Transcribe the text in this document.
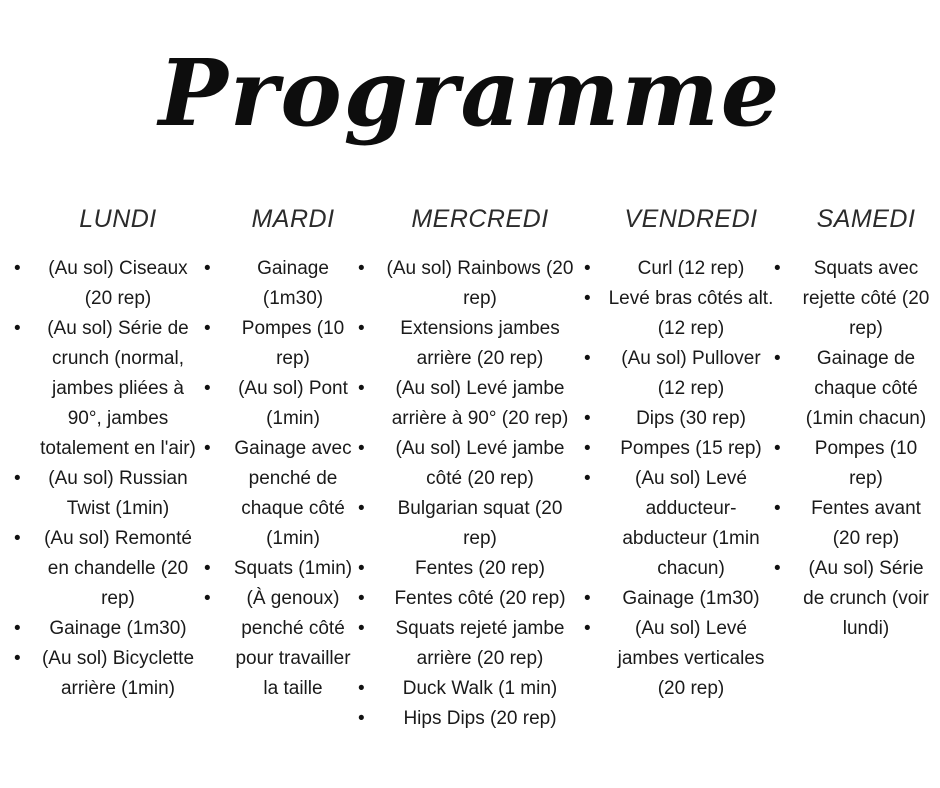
Programme
LUNDI
• (Au sol) Ciseaux (20 rep)
• (Au sol) Série de crunch (normal, jambes pliées à 90°, jambes totalement en l'air)
• (Au sol) Russian Twist (1min)
• (Au sol) Remonté en chandelle (20 rep)
• Gainage (1m30)
• (Au sol) Bicyclette arrière (1min)
MARDI
• Gainage (1m30)
• Pompes (10 rep)
• (Au sol) Pont (1min)
• Gainage avec penché de chaque côté (1min)
• Squats (1min)
• (À genoux) penché côté pour travailler la taille
MERCREDI
• (Au sol) Rainbows (20 rep)
• Extensions jambes arrière (20 rep)
• (Au sol) Levé jambe arrière à 90° (20 rep)
• (Au sol) Levé jambe côté (20 rep)
• Bulgarian squat (20 rep)
• Fentes (20 rep)
• Fentes côté (20 rep)
• Squats rejeté jambe arrière (20 rep)
• Duck Walk (1 min)
• Hips Dips (20 rep)
VENDREDI
• Curl (12 rep)
• Levé bras côtés alt. (12 rep)
• (Au sol) Pullover (12 rep)
• Dips (30 rep)
• Pompes (15 rep)
• (Au sol) Levé adducteur-abducteur (1min chacun)
• Gainage (1m30)
• (Au sol) Levé jambes verticales (20 rep)
SAMEDI
• Squats avec rejette côté (20 rep)
• Gainage de chaque côté (1min chacun)
• Pompes (10 rep)
• Fentes avant (20 rep)
• (Au sol) Série de crunch (voir lundi)
